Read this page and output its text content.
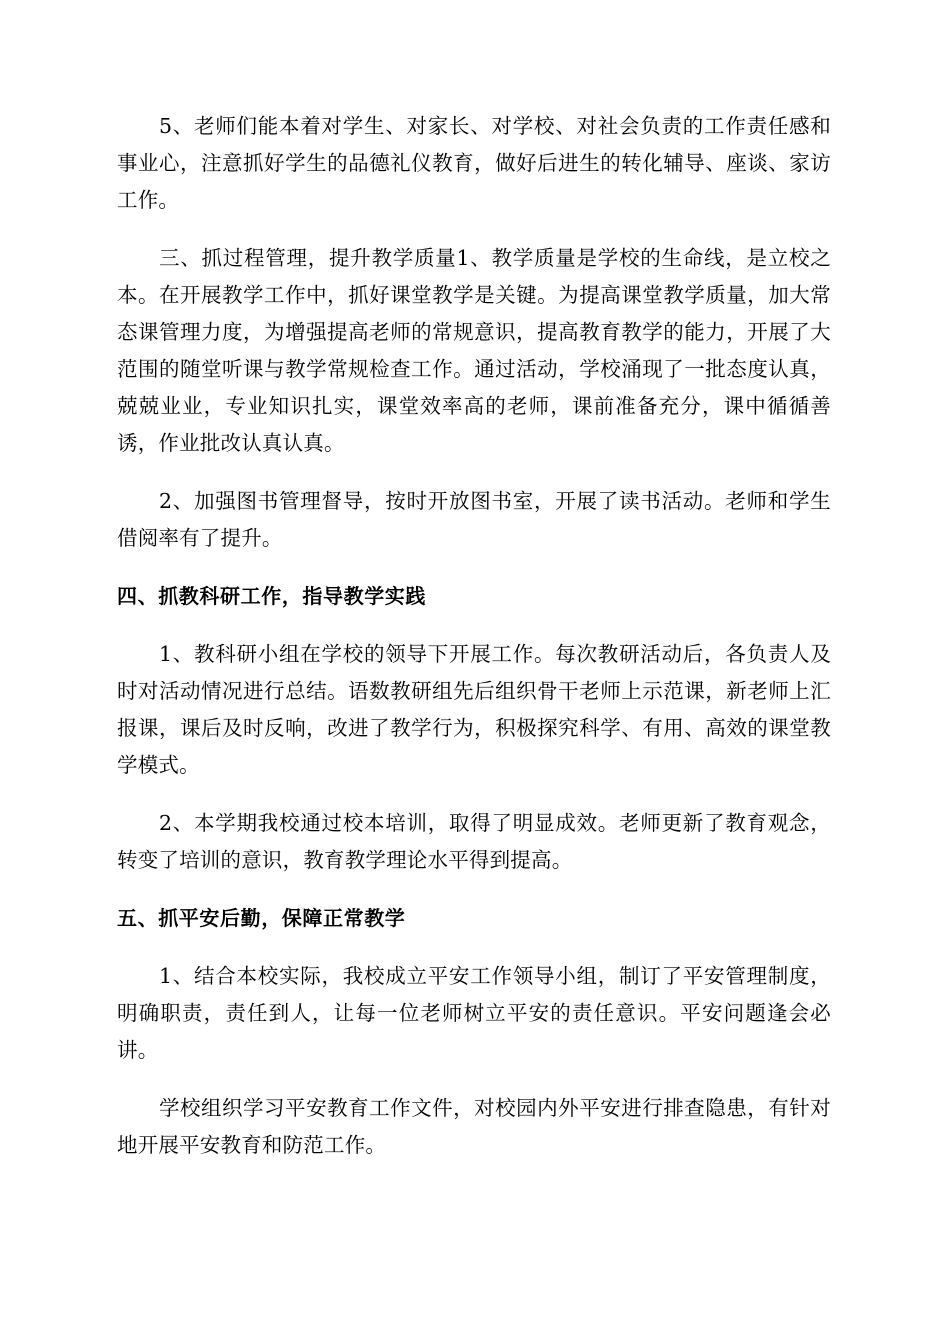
5、老师们能本着对学生、对家长、对学校、对社会负责的工作责任感和事业心，注意抓好学生的品德礼仪教育，做好后进生的转化辅导、座谈、家访工作。

三、抓过程管理，提升教学质量1、教学质量是学校的生命线，是立校之本。在开展教学工作中，抓好课堂教学是关键。为提高课堂教学质量，加大常态课管理力度，为增强提高老师的常规意识，提高教育教学的能力，开展了大范围的随堂听课与教学常规检查工作。通过活动，学校涌现了一批态度认真，兢兢业业，专业知识扎实，课堂效率高的老师，课前准备充分，课中循循善诱，作业批改认真认真。

2、加强图书管理督导，按时开放图书室，开展了读书活动。老师和学生借阅率有了提升。

四、抓教科研工作，指导教学实践

1、教科研小组在学校的领导下开展工作。每次教研活动后，各负责人及时对活动情况进行总结。语数教研组先后组织骨干老师上示范课，新老师上汇报课，课后及时反响，改进了教学行为，积极探究科学、有用、高效的课堂教学模式。

2、本学期我校通过校本培训，取得了明显成效。老师更新了教育观念，转变了培训的意识，教育教学理论水平得到提高。

五、抓平安后勤，保障正常教学

1、结合本校实际，我校成立平安工作领导小组，制订了平安管理制度，明确职责，责任到人，让每一位老师树立平安的责任意识。平安问题逢会必讲。

学校组织学习平安教育工作文件，对校园内外平安进行排查隐患，有针对地开展平安教育和防范工作。
